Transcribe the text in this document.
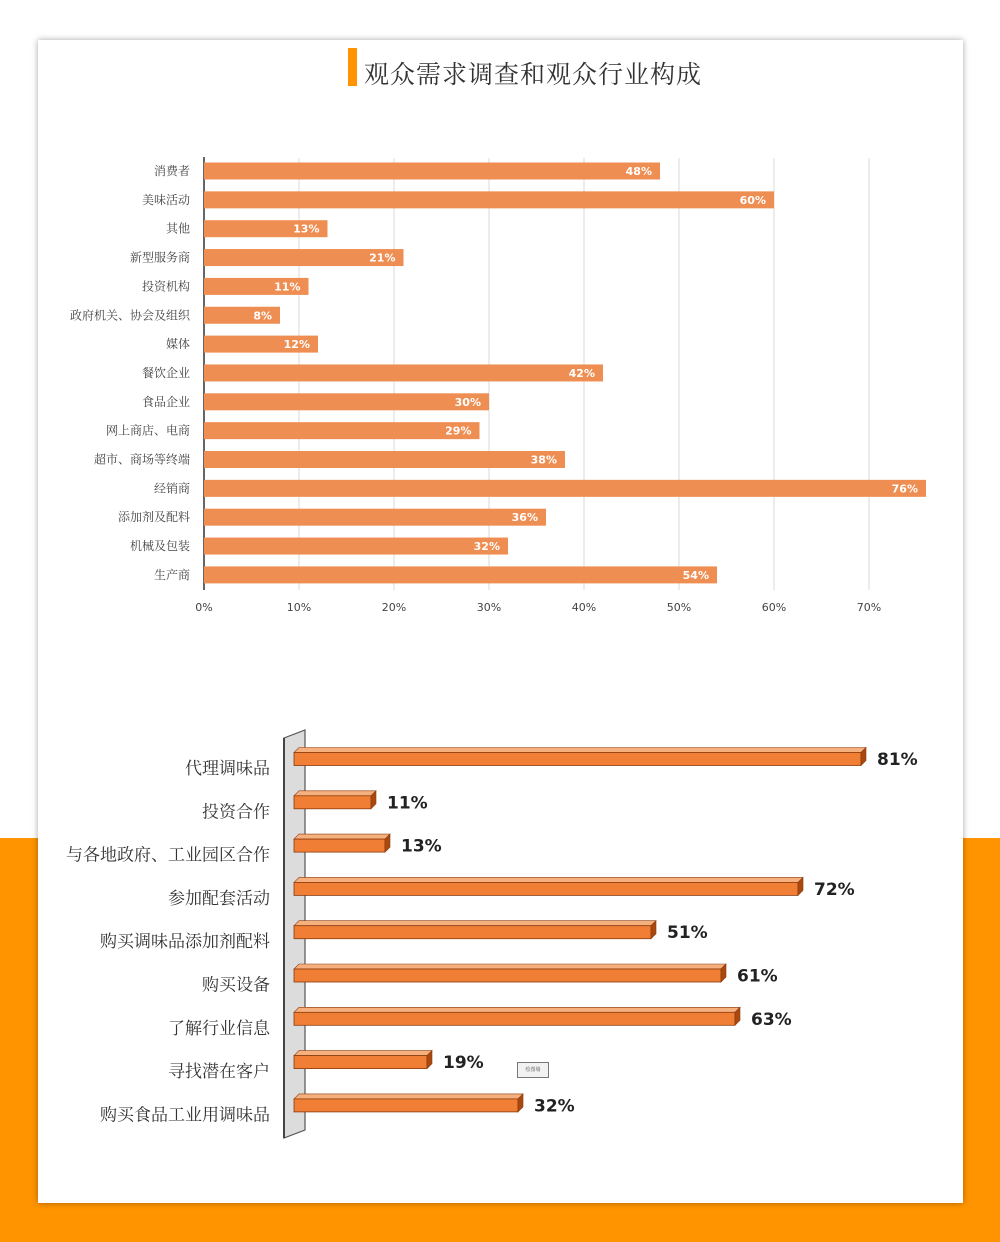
观众需求调查和观众行业构成
0%	10%	20%	30%	40%	50%	60%	70%
消费者	48%
美味活动	60%
其他	13%
新型服务商	21%
投资机构	11%
政府机关、协会及组织	8%
媒体	12%
餐饮企业	42%
食品企业	30%
网上商店、电商	29%
超市、商场等终端	38%
经销商	76%
添加剂及配料	36%
机械及包装	32%
生产商	54%
代理调味品	81%
投资合作	11%
与各地政府、工业园区合作	13%
参加配套活动	72%
购买调味品添加剂配料	51%
购买设备	61%
了解行业信息	63%
寻找潜在客户	19%
购买食品工业用调味品	32%
绘图墙
